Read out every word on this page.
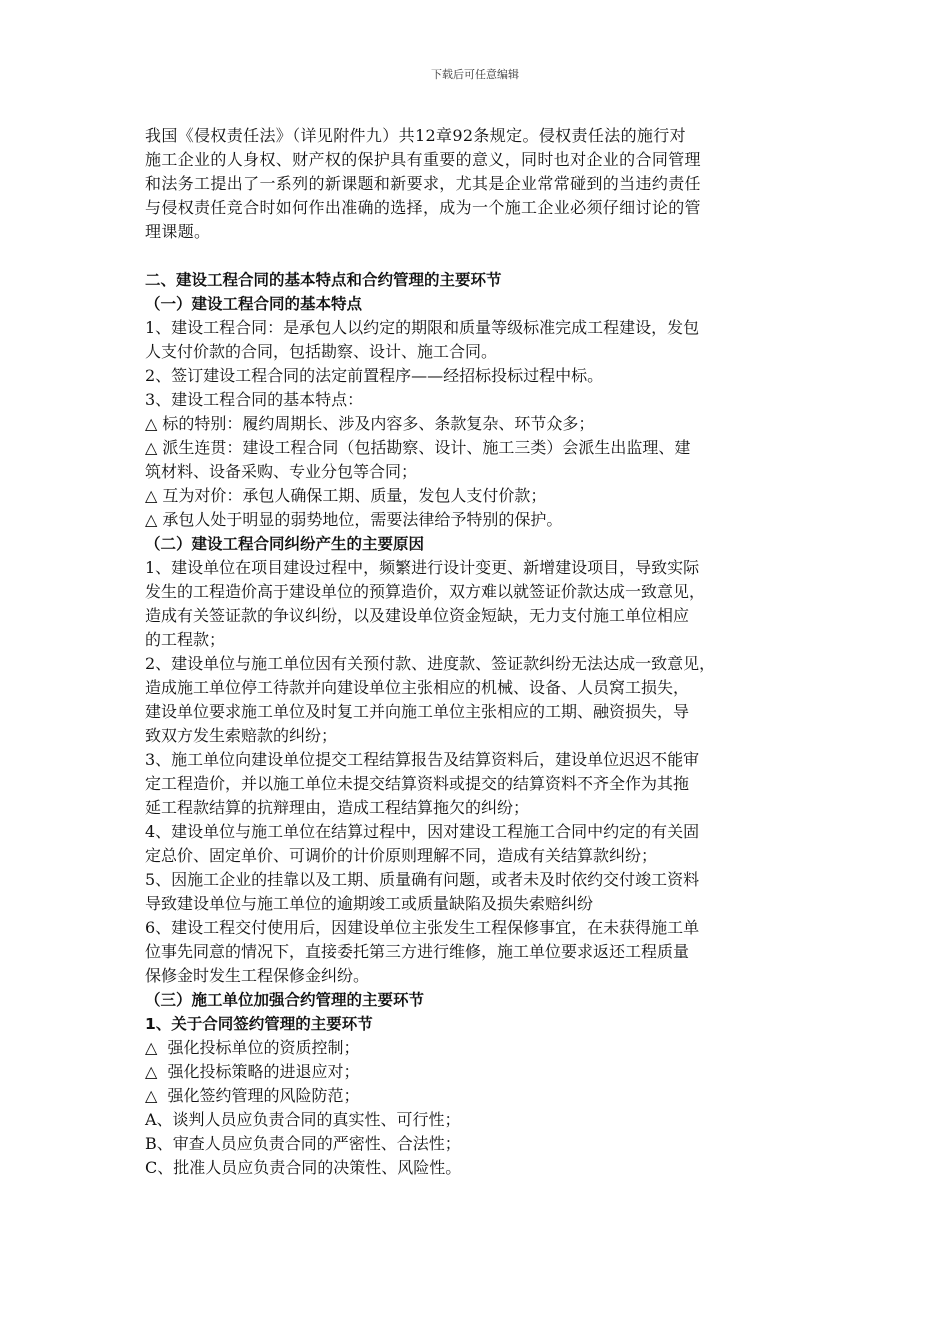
下载后可任意编辑

我国《侵权责任法》（详见附件九）共12章92条规定。侵权责任法的施行对

施工企业的人身权、财产权的保护具有重要的意义，同时也对企业的合同管理

和法务工提出了一系列的新课题和新要求，尤其是企业常常碰到的当违约责任

与侵权责任竞合时如何作出准确的选择，成为一个施工企业必须仔细讨论的管

理课题。

二、建设工程合同的基本特点和合约管理的主要环节

（一）建设工程合同的基本特点

1、建设工程合同：是承包人以约定的期限和质量等级标准完成工程建设，发包

人支付价款的合同，包括勘察、设计、施工合同。

2、签订建设工程合同的法定前置程序——经招标投标过程中标。

3、建设工程合同的基本特点：

△ 标的特别：履约周期长、涉及内容多、条款复杂、环节众多；

△ 派生连贯：建设工程合同（包括勘察、设计、施工三类）会派生出监理、建

筑材料、设备采购、专业分包等合同；

△ 互为对价：承包人确保工期、质量，发包人支付价款；

△ 承包人处于明显的弱势地位，需要法律给予特别的保护。

（二）建设工程合同纠纷产生的主要原因

1、建设单位在项目建设过程中，频繁进行设计变更、新增建设项目，导致实际

发生的工程造价高于建设单位的预算造价，双方难以就签证价款达成一致意见，

造成有关签证款的争议纠纷，以及建设单位资金短缺，无力支付施工单位相应

的工程款；

2、建设单位与施工单位因有关预付款、进度款、签证款纠纷无法达成一致意见，

造成施工单位停工待款并向建设单位主张相应的机械、设备、人员窝工损失，

建设单位要求施工单位及时复工并向施工单位主张相应的工期、融资损失，导

致双方发生索赔款的纠纷；

3、施工单位向建设单位提交工程结算报告及结算资料后，建设单位迟迟不能审

定工程造价，并以施工单位未提交结算资料或提交的结算资料不齐全作为其拖

延工程款结算的抗辩理由，造成工程结算拖欠的纠纷；

4、建设单位与施工单位在结算过程中，因对建设工程施工合同中约定的有关固

定总价、固定单价、可调价的计价原则理解不同，造成有关结算款纠纷；

5、因施工企业的挂靠以及工期、质量确有问题，或者未及时依约交付竣工资料

导致建设单位与施工单位的逾期竣工或质量缺陷及损失索赔纠纷

6、建设工程交付使用后，因建设单位主张发生工程保修事宜，在未获得施工单

位事先同意的情况下，直接委托第三方进行维修，施工单位要求返还工程质量

保修金时发生工程保修金纠纷。

（三）施工单位加强合约管理的主要环节

1、关于合同签约管理的主要环节

△  强化投标单位的资质控制；

△  强化投标策略的进退应对；

△  强化签约管理的风险防范；

A、谈判人员应负责合同的真实性、可行性；

B、审查人员应负责合同的严密性、合法性；

C、批准人员应负责合同的决策性、风险性。
